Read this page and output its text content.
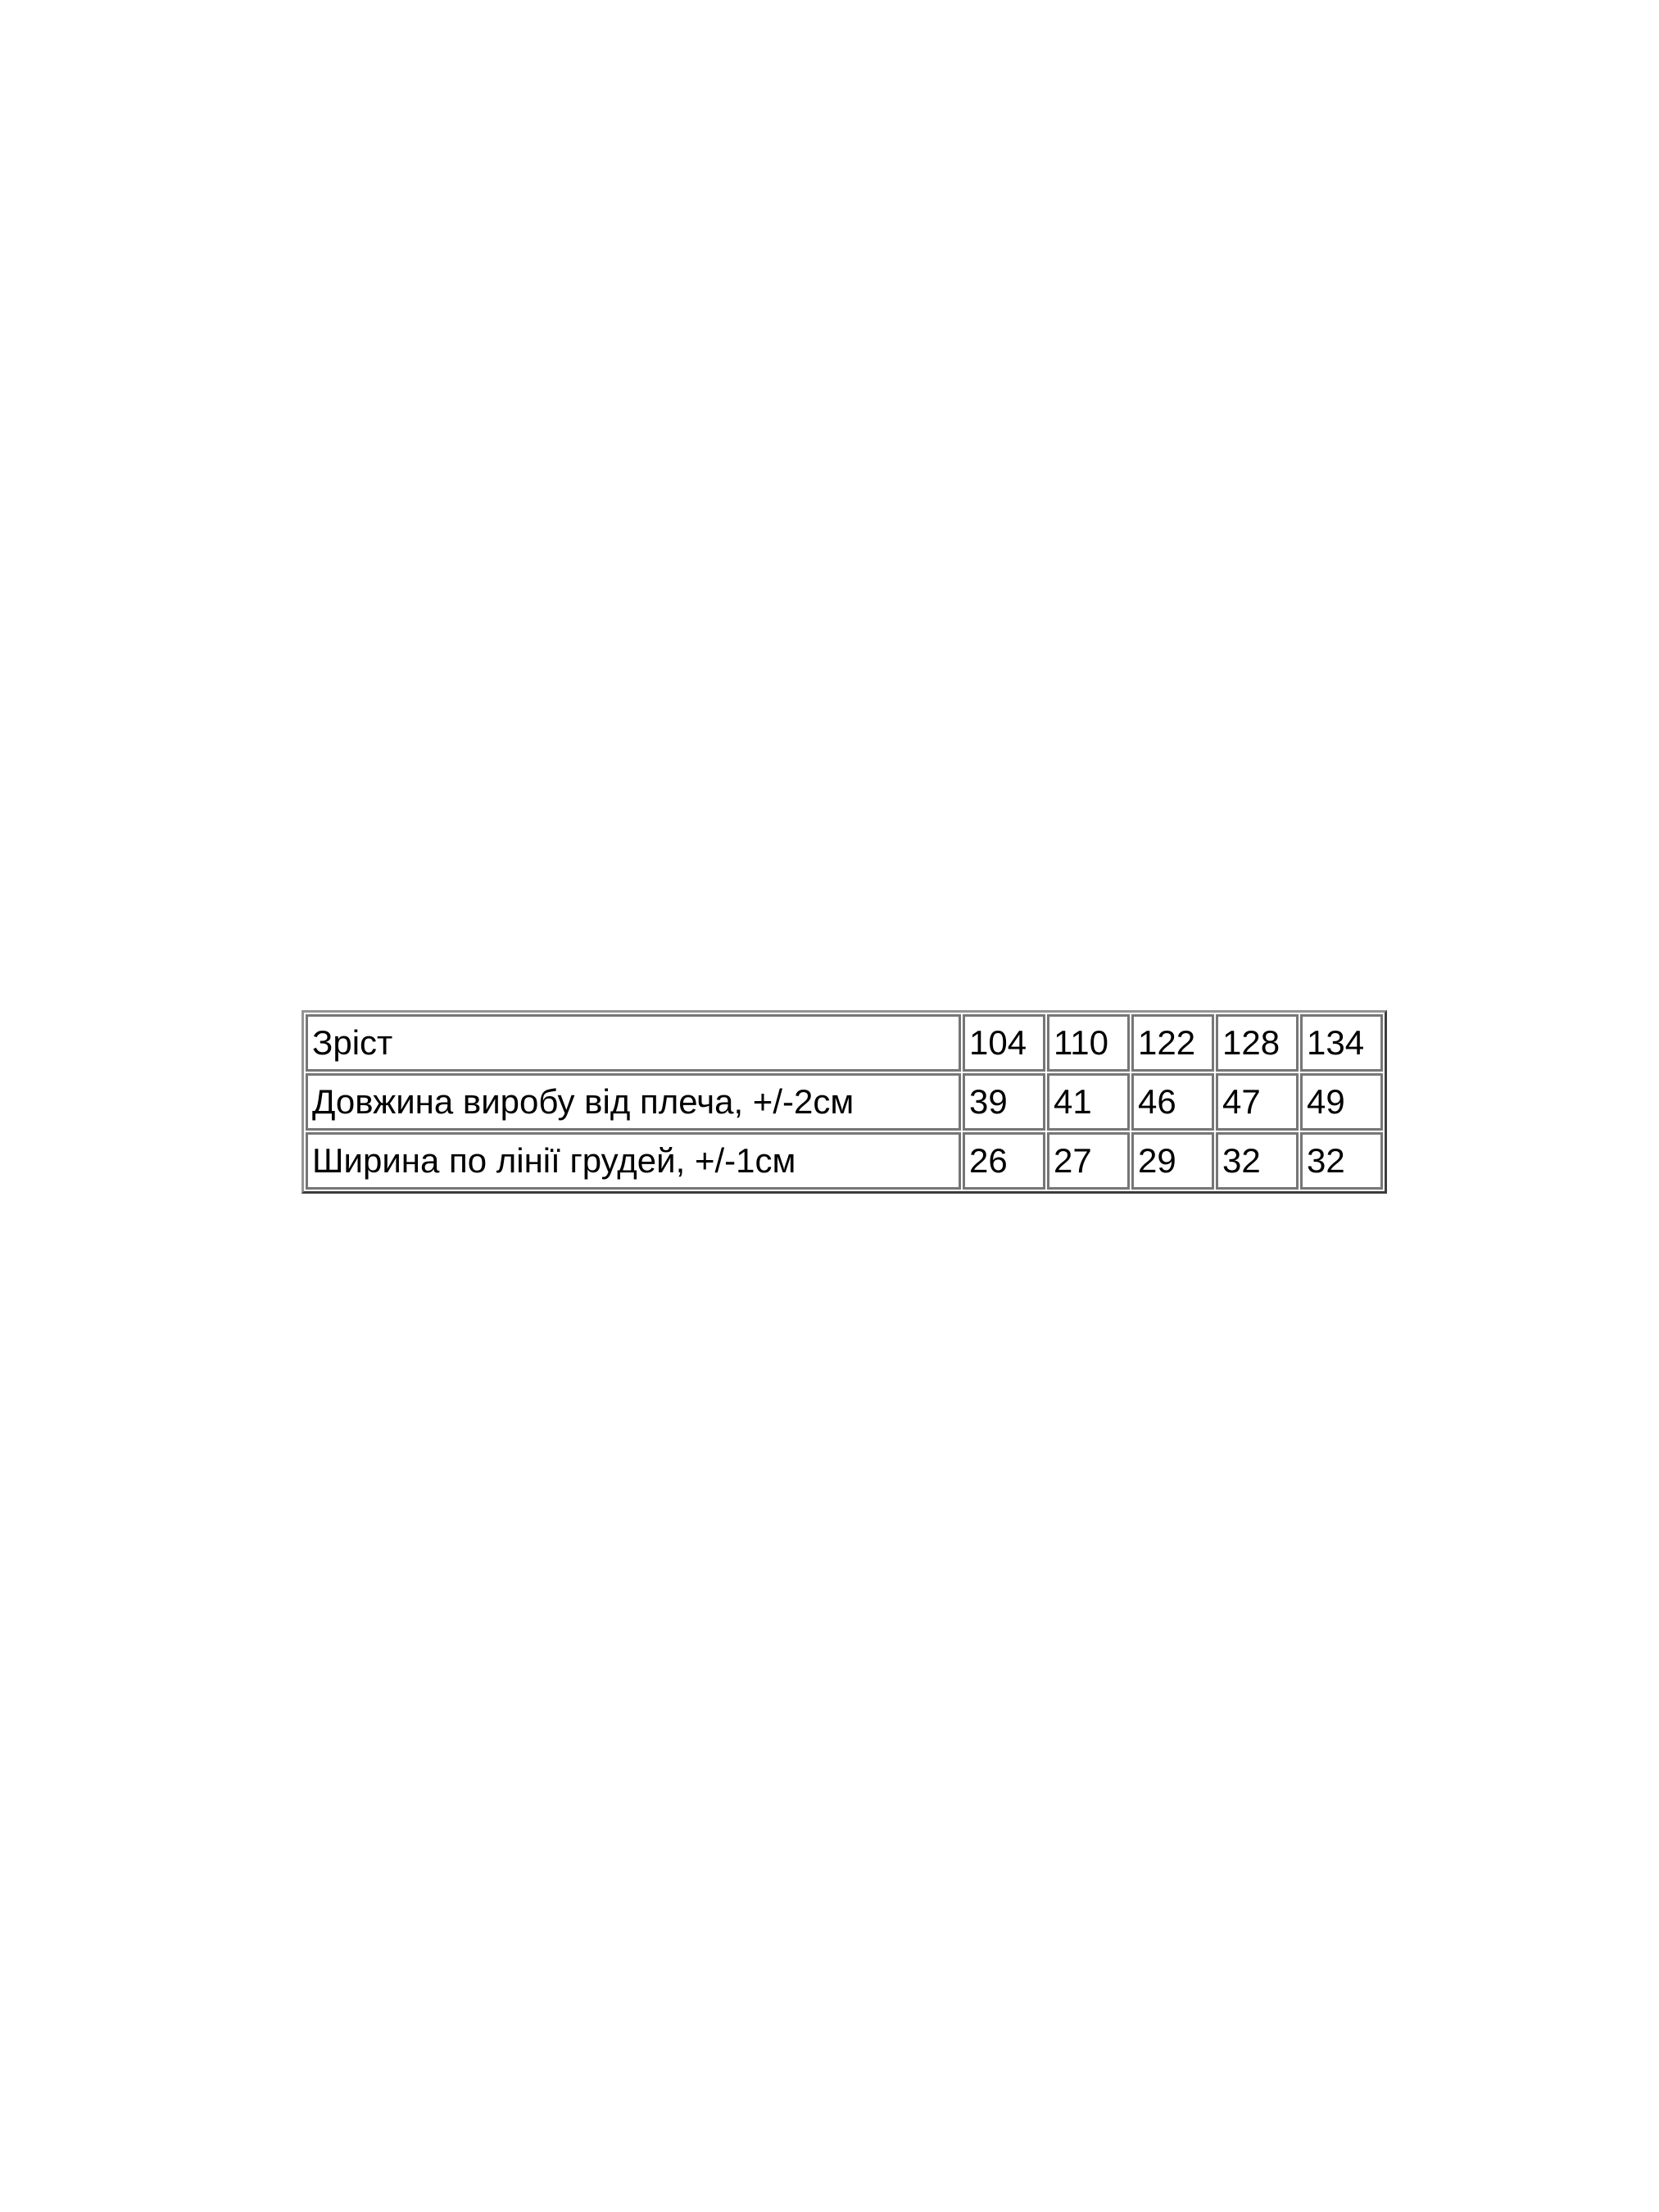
Зріст	104	110	122	128	134
Довжина виробу від плеча, +/-2см	39	41	46	47	49
Ширина по лінії грудей, +/-1см	26	27	29	32	32
